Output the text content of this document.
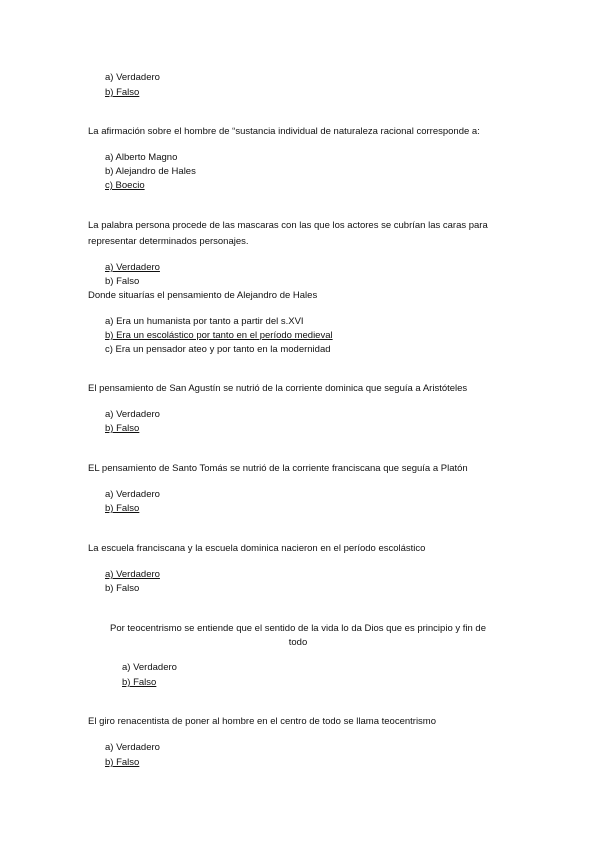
a) Verdadero
b) Falso
La afirmación sobre el hombre de “sustancia individual de naturaleza racional corresponde a:
a) Alberto Magno
b) Alejandro de Hales
c) Boecio
La palabra persona procede de las mascaras con las que los actores se cubrían las caras para
representar determinados personajes.
a) Verdadero
b) Falso
Donde situarías el pensamiento de Alejandro de Hales
a) Era un humanista por tanto a partir del s.XVI
b) Era un escolástico por tanto en el período medieval
c) Era un pensador ateo y por tanto en la modernidad
El pensamiento de San Agustín se nutrió de la corriente dominica que seguía a Aristóteles
a) Verdadero
b) Falso
EL pensamiento de Santo Tomás se nutrió de la corriente franciscana que seguía a Platón
a) Verdadero
b) Falso
La escuela franciscana y la escuela dominica nacieron en el período escolástico
a) Verdadero
b) Falso
Por teocentrismo se entiende que el sentido de la vida lo da Dios que es principio y fin de
todo
a) Verdadero
b) Falso
El giro renacentista de poner al hombre en el centro de todo se llama teocentrismo
a) Verdadero
b) Falso
